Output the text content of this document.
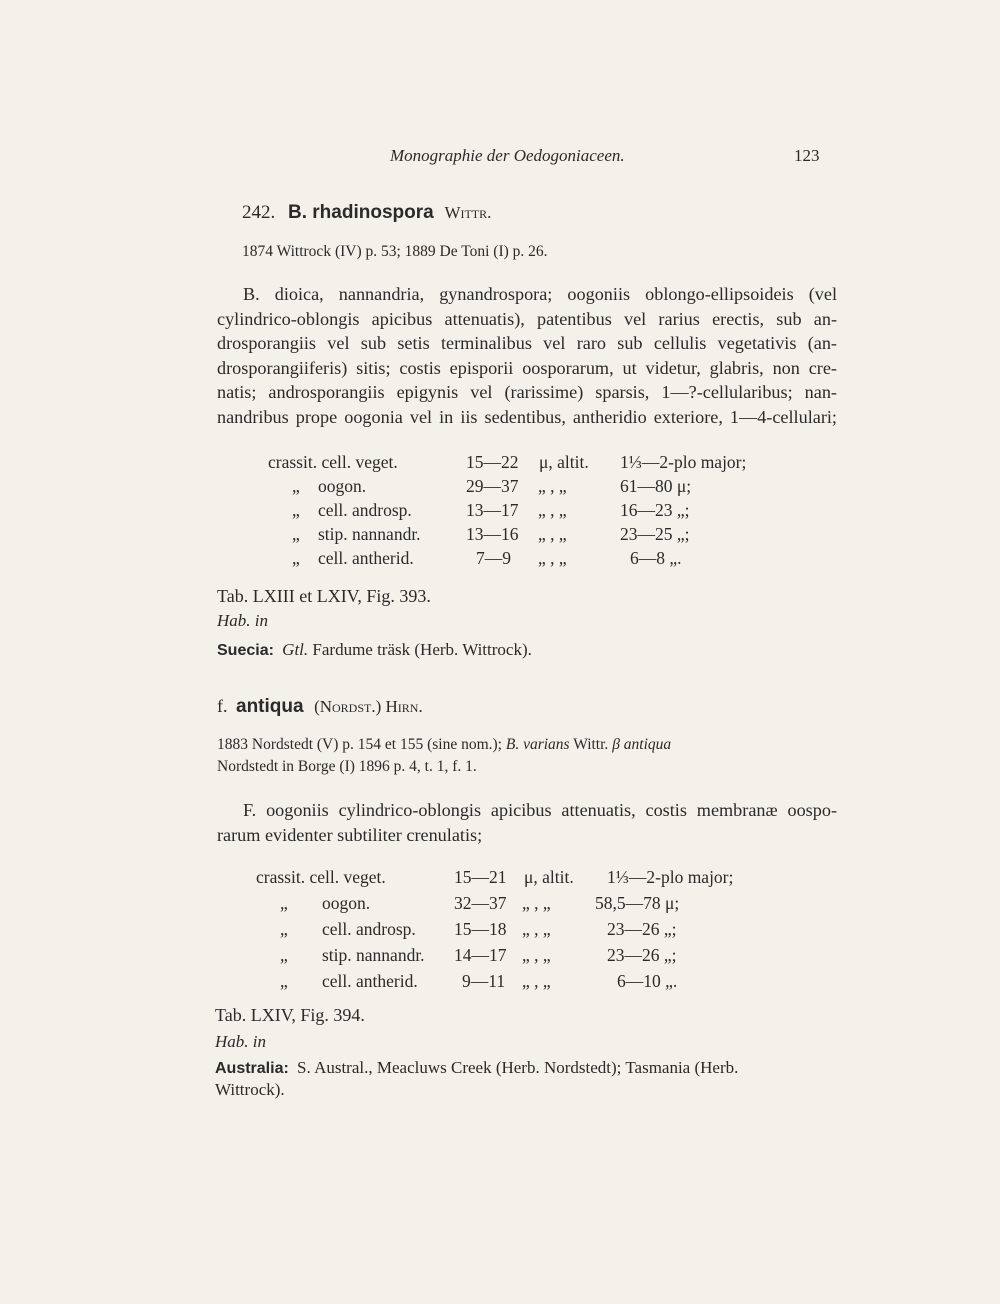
Monographie der Oedogoniaceen.	123
242. B. rhadinospora Wittr.
1874 Wittrock (IV) p. 53; 1889 De Toni (I) p. 26.
B. dioica, nannandria, gynandrospora; oogoniis oblongo-ellipsoideis (vel
cylindrico-oblongis apicibus attenuatis), patentibus vel rarius erectis, sub an-
drosporangiis vel sub setis terminalibus vel raro sub cellulis vegetativis (an-
drosporangiiferis) sitis; costis episporii oosporarum, ut videtur, glabris, non cre-
natis; androsporangiis epigynis vel (rarissime) sparsis, 1—?-cellularibus; nan-
nandribus prope oogonia vel in iis sedentibus, antheridio exteriore, 1—4-cellulari;
crassit. cell. veget.	15—22 μ, altit. 1⅓—2-plo major;
„ oogon.	29—37 „ , „	61—80 μ;
„ cell. androsp.	13—17 „ , „	16—23 „;
„ stip. nannandr.	13—16 „ , „	23—25 „;
„ cell. antherid.	7—9 „ , „	6—8 „.
Tab. LXIII et LXIV, Fig. 393.
Hab. in
Suecia: Gtl. Fardume träsk (Herb. Wittrock).
f. antiqua (Nordst.) Hirn.
1883 Nordstedt (V) p. 154 et 155 (sine nom.); B. varians Wittr. β antiqua
Nordstedt in Borge (I) 1896 p. 4, t. 1, f. 1.
F. oogoniis cylindrico-oblongis apicibus attenuatis, costis membranæ oospo-
rarum evidenter subtiliter crenulatis;
crassit. cell. veget.	15—21 μ, altit. 1⅓—2-plo major;
„ oogon.	32—37 „ , „	58,5—78 μ;
„ cell. androsp. 15—18 „ , „	23—26 „;
„ stip. nannandr. 14—17 „ , „	23—26 „;
„ cell. antherid.	9—11 „ , „	6—10 „.
Tab. LXIV, Fig. 394.
Hab. in
Australia: S. Austral., Meacluws Creek (Herb. Nordstedt); Tasmania (Herb.
Wittrock).
